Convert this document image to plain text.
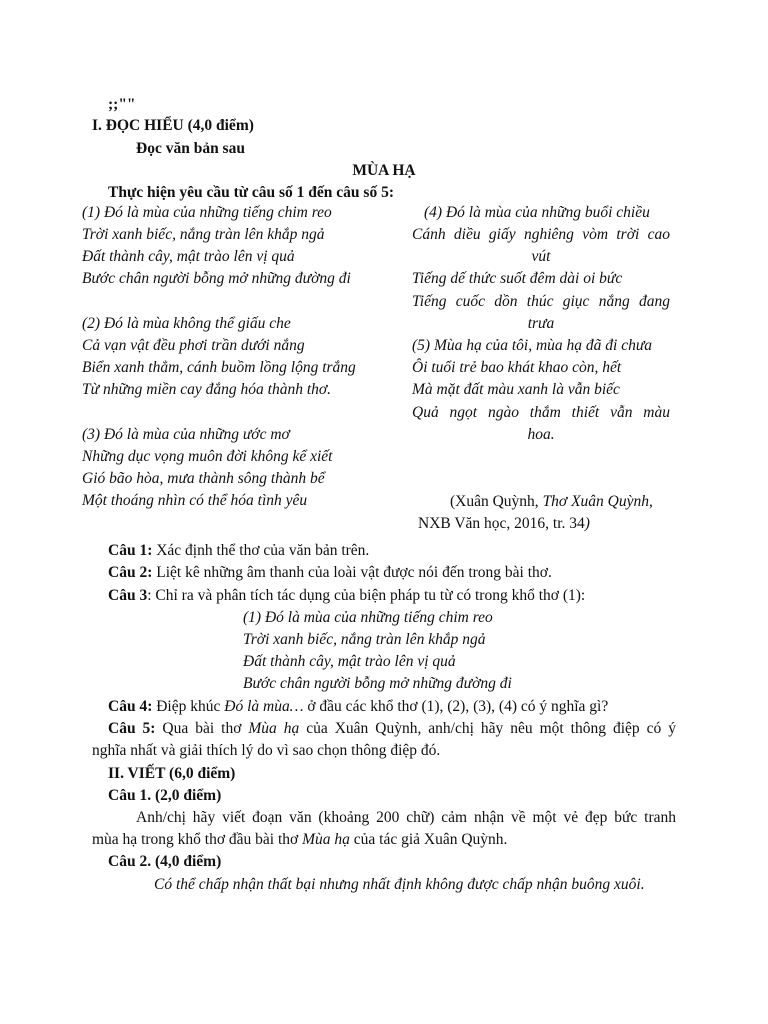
;;""
I. ĐỌC HIỂU (4,0 điểm)
Đọc văn bản sau
MÙA HẠ
Thực hiện yêu cầu từ câu số 1 đến câu số 5:
(1) Đó là mùa của những tiếng chim reo
Trời xanh biếc, nắng tràn lên khắp ngả
Đất thành cây, mật trào lên vị quả
Bước chân người bỗng mở những đường đi
(2) Đó là mùa không thể giấu che
Cả vạn vật đều phơi trần dưới nắng
Biển xanh thẳm, cánh buồm lồng lộng trắng
Từ những miền cay đắng hóa thành thơ.
(3) Đó là mùa của những ước mơ
Những dục vọng muôn đời không kể xiết
Gió bão hòa, mưa thành sông thành bể
Một thoáng nhìn có thể hóa tình yêu
(4) Đó là mùa của những buổi chiều
Cánh diều giấy nghiêng vòm trời cao
vút
Tiếng dế thức suốt đêm dài oi bức
Tiếng cuốc dồn thúc giục nắng đang
trưa
(5) Mùa hạ của tôi, mùa hạ đã đi chưa
Ôi tuổi trẻ bao khát khao còn, hết
Mà mặt đất màu xanh là vẫn biếc
Quả ngọt ngào thắm thiết vẫn màu
hoa.
(Xuân Quỳnh, Thơ Xuân Quỳnh,
NXB Văn học, 2016, tr. 34)
Câu 1: Xác định thể thơ của văn bản trên.
Câu 2: Liệt kê những âm thanh của loài vật được nói đến trong bài thơ.
Câu 3: Chỉ ra và phân tích tác dụng của biện pháp tu từ có trong khổ thơ (1):
(1) Đó là mùa của những tiếng chim reo
Trời xanh biếc, nắng tràn lên khắp ngả
Đất thành cây, mật trào lên vị quả
Bước chân người bỗng mở những đường đi
Câu 4: Điệp khúc Đó là mùa… ở đầu các khổ thơ (1), (2), (3), (4) có ý nghĩa gì?
Câu 5: Qua bài thơ Mùa hạ của Xuân Quỳnh, anh/chị hãy nêu một thông điệp có ý
nghĩa nhất và giải thích lý do vì sao chọn thông điệp đó.
II. VIẾT (6,0 điểm)
Câu 1. (2,0 điểm)
Anh/chị hãy viết đoạn văn (khoảng 200 chữ) cảm nhận về một vẻ đẹp bức tranh
mùa hạ trong khổ thơ đầu bài thơ Mùa hạ của tác giả Xuân Quỳnh.
Câu 2. (4,0 điểm)
Có thể chấp nhận thất bại nhưng nhất định không được chấp nhận buông xuôi.
